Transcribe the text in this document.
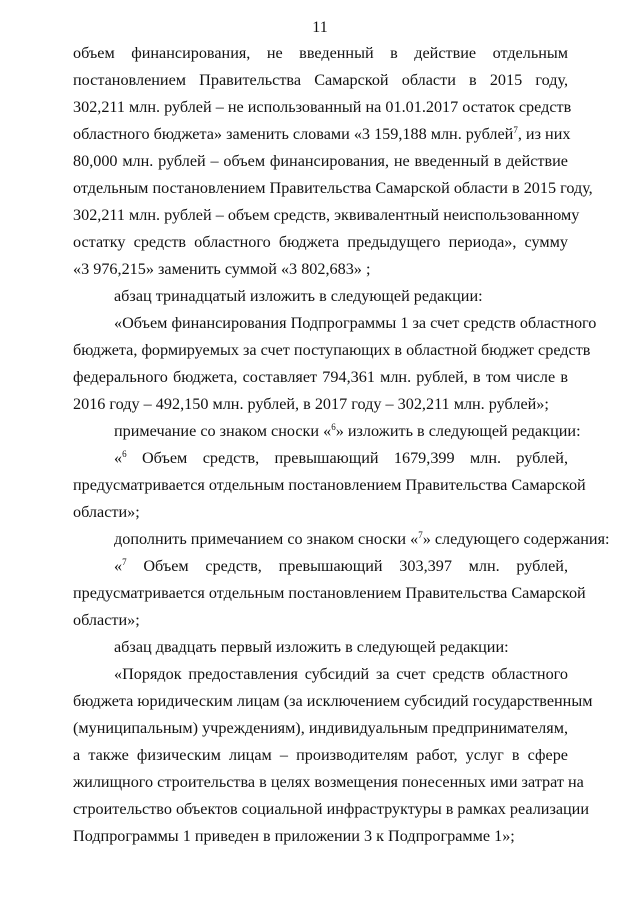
11
объем финансирования, не введенный в действие отдельным
постановлением Правительства Самарской области в 2015 году,
302,211 млн. рублей – не использованный на 01.01.2017 остаток средств
областного бюджета» заменить словами «3 159,188 млн. рублей$^7$, из них
80,000 млн. рублей – объем финансирования, не введенный в действие
отдельным постановлением Правительства Самарской области в 2015 году,
302,211 млн. рублей – объем средств, эквивалентный неиспользованному
остатку средств областного бюджета предыдущего периода», сумму
«3 976,215» заменить суммой «3 802,683» ;
абзац тринадцатый изложить в следующей редакции:
«Объем финансирования Подпрограммы 1 за счет средств областного
бюджета, формируемых за счет поступающих в областной бюджет средств
федерального бюджета, составляет 794,361 млн. рублей, в том числе в
2016 году – 492,150 млн. рублей, в 2017 году – 302,211 млн. рублей»;
примечание со знаком сноски «$^6$» изложить в следующей редакции:
«$^6$ Объем средств, превышающий 1679,399 млн. рублей,
предусматривается отдельным постановлением Правительства Самарской
области»;
дополнить примечанием со знаком сноски «$^7$» следующего содержания:
«$^7$ Объем средств, превышающий 303,397 млн. рублей,
предусматривается отдельным постановлением Правительства Самарской
области»;
абзац двадцать первый изложить в следующей редакции:
«Порядок предоставления субсидий за счет средств областного
бюджета юридическим лицам (за исключением субсидий государственным
(муниципальным) учреждениям), индивидуальным предпринимателям,
а также физическим лицам – производителям работ, услуг в сфере
жилищного строительства в целях возмещения понесенных ими затрат на
строительство объектов социальной инфраструктуры в рамках реализации
Подпрограммы 1 приведен в приложении 3 к Подпрограмме 1»;
